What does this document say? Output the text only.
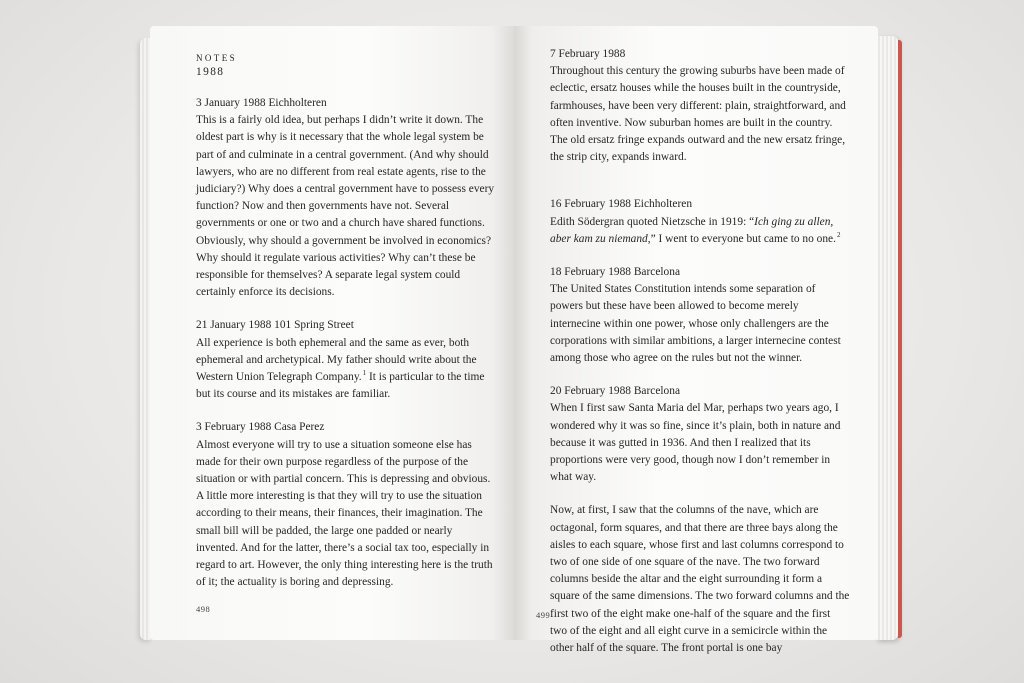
NOTES
1988

3 January 1988 Eichholteren

This is a fairly old idea, but perhaps I didn’t write it down. The oldest part is why is it necessary that the whole legal system be part of and culminate in a central government. (And why should lawyers, who are no different from real estate agents, rise to the judiciary?) Why does a central government have to possess every function? Now and then governments have not. Several governments or one or two and a church have shared functions. Obviously, why should a government be involved in economics? Why should it regulate various activities? Why can’t these be responsible for themselves? A separate legal system could certainly enforce its decisions.

21 January 1988 101 Spring Street

All experience is both ephemeral and the same as ever, both ephemeral and archetypical. My father should write about the Western Union Telegraph Company.$^1$ It is particular to the time but its course and its mistakes are familiar.

3 February 1988 Casa Perez

Almost everyone will try to use a situation someone else has made for their own purpose regardless of the purpose of the situation or with partial concern. This is depressing and obvious. A little more interesting is that they will try to use the situation according to their means, their finances, their imagination. The small bill will be padded, the large one padded or nearly invented. And for the latter, there’s a social tax too, especially in regard to art. However, the only thing interesting here is the truth of it; the actuality is boring and depressing.

498

7 February 1988

Throughout this century the growing suburbs have been made of eclectic, ersatz houses while the houses built in the countryside, farmhouses, have been very different: plain, straightforward, and often inventive. Now suburban homes are built in the country. The old ersatz fringe expands outward and the new ersatz fringe, the strip city, expands inward.

16 February 1988 Eichholteren

Edith Södergran quoted Nietzsche in 1919: “Ich ging zu allen, aber kam zu niemand,” I went to everyone but came to no one.$^2$

18 February 1988 Barcelona

The United States Constitution intends some separation of powers but these have been allowed to become merely internecine within one power, whose only challengers are the corporations with similar ambitions, a larger internecine contest among those who agree on the rules but not the winner.

20 February 1988 Barcelona

When I first saw Santa Maria del Mar, perhaps two years ago, I wondered why it was so fine, since it’s plain, both in nature and because it was gutted in 1936. And then I realized that its proportions were very good, though now I don’t remember in what way.

Now, at first, I saw that the columns of the nave, which are octagonal, form squares, and that there are three bays along the aisles to each square, whose first and last columns correspond to two of one side of one square of the nave. The two forward columns beside the altar and the eight surrounding it form a square of the same dimensions. The two forward columns and the first two of the eight make one-half of the square and the first two of the eight and all eight curve in a semicircle within the other half of the square. The front portal is one bay

499
